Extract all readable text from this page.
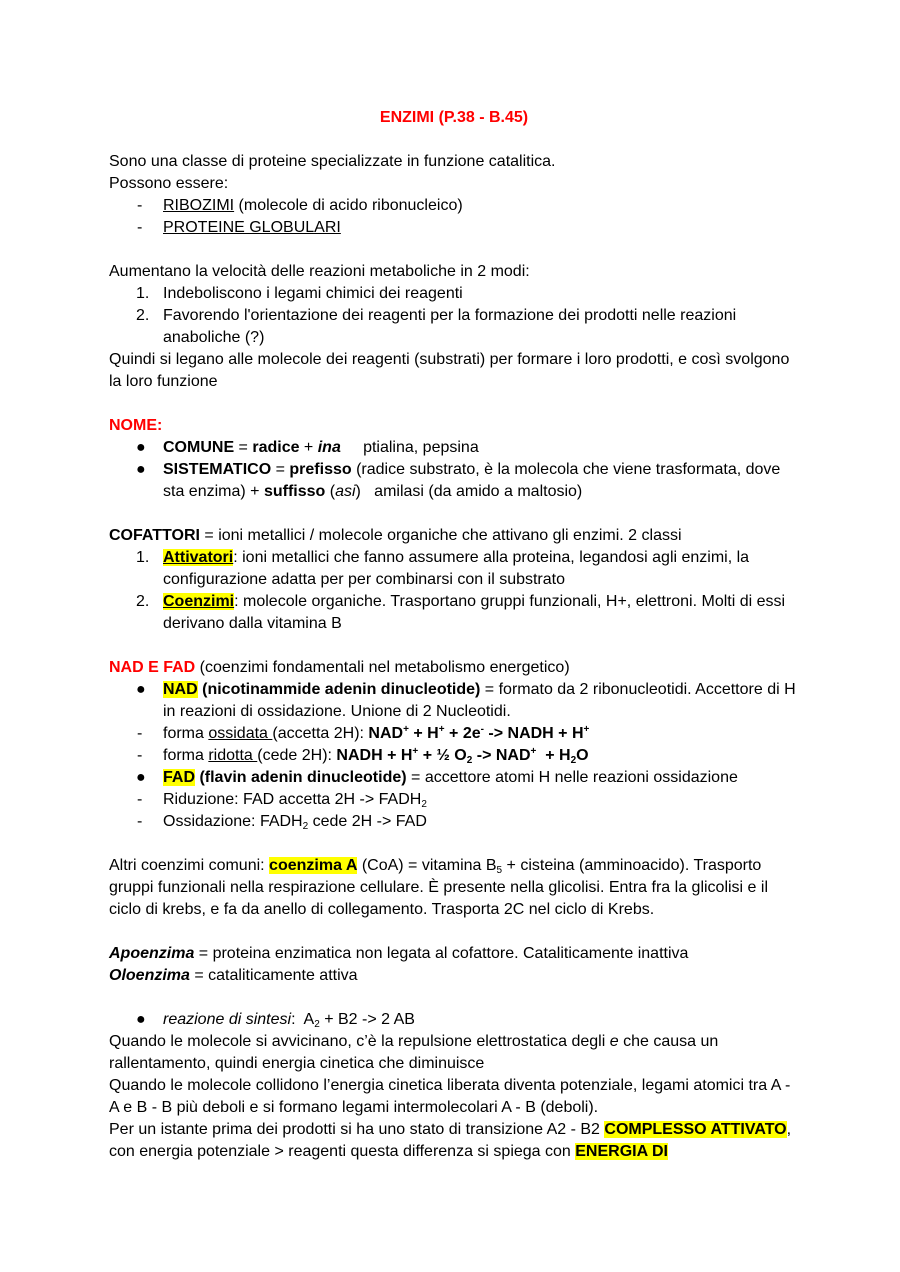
ENZIMI (P.38 - B.45)

Sono una classe di proteine specializzate in funzione catalitica.

Possono essere:

-	RIBOZIMI (molecole di acido ribonucleico)
-	PROTEINE GLOBULARI

Aumentano la velocità delle reazioni metaboliche in 2 modi:

1. Indeboliscono i legami chimici dei reagenti
2. Favorendo l'orientazione dei reagenti per la formazione dei prodotti nelle reazioni anaboliche (?)

Quindi si legano alle molecole dei reagenti (substrati) per formare i loro prodotti, e così svolgono la loro funzione

NOME:

●	COMUNE = radice + ina     ptialina, pepsina
●	SISTEMATICO = prefisso (radice substrato, è la molecola che viene trasformata, dove sta enzima) + suffisso (asi)   amilasi (da amido a maltosio)

COFATTORI = ioni metallici / molecole organiche che attivano gli enzimi. 2 classi

1. Attivatori: ioni metallici che fanno assumere alla proteina, legandosi agli enzimi, la configurazione adatta per per combinarsi con il substrato
2. Coenzimi: molecole organiche. Trasportano gruppi funzionali, H+, elettroni. Molti di essi derivano dalla vitamina B

NAD E FAD (coenzimi fondamentali nel metabolismo energetico)

●	NAD (nicotinammide adenin dinucleotide) = formato da 2 ribonucleotidi. Accettore di H in reazioni di ossidazione. Unione di 2 Nucleotidi.
-	forma ossidata (accetta 2H): NAD+ + H+ + 2e- -> NADH + H+
-	forma ridotta (cede 2H): NADH + H+ + ½ $O_2 -> NAD^+ + H_2O$
●	FAD (flavin adenin dinucleotide) = accettore atomi H nelle reazioni ossidazione
-	Riduzione: FAD accetta $2H -> FADH_2$
-	Ossidazione: $FADH_2$ cede 2H -> FAD

Altri coenzimi comuni: coenzima A (CoA) = vitamina $B_5$ + cisteina (amminoacido). Trasporto gruppi funzionali nella respirazione cellulare. È presente nella glicolisi. Entra fra la glicolisi e il ciclo di krebs, e fa da anello di collegamento. Trasporta 2C nel ciclo di Krebs.

Apoenzima = proteina enzimatica non legata al cofattore. Cataliticamente inattiva

Oloenzima = cataliticamente attiva

●	reazione di sintesi:  $A_2 + B2 -> 2$ AB

Quando le molecole si avvicinano, c’è la repulsione elettrostatica degli e che causa un rallentamento, quindi energia cinetica che diminuisce

Quando le molecole collidono l’energia cinetica liberata diventa potenziale, legami atomici tra A - A e B - B più deboli e si formano legami intermolecolari A - B (deboli).

Per un istante prima dei prodotti si ha uno stato di transizione A2 - B2 COMPLESSO ATTIVATO, con energia potenziale > reagenti questa differenza si spiega con ENERGIA DI
